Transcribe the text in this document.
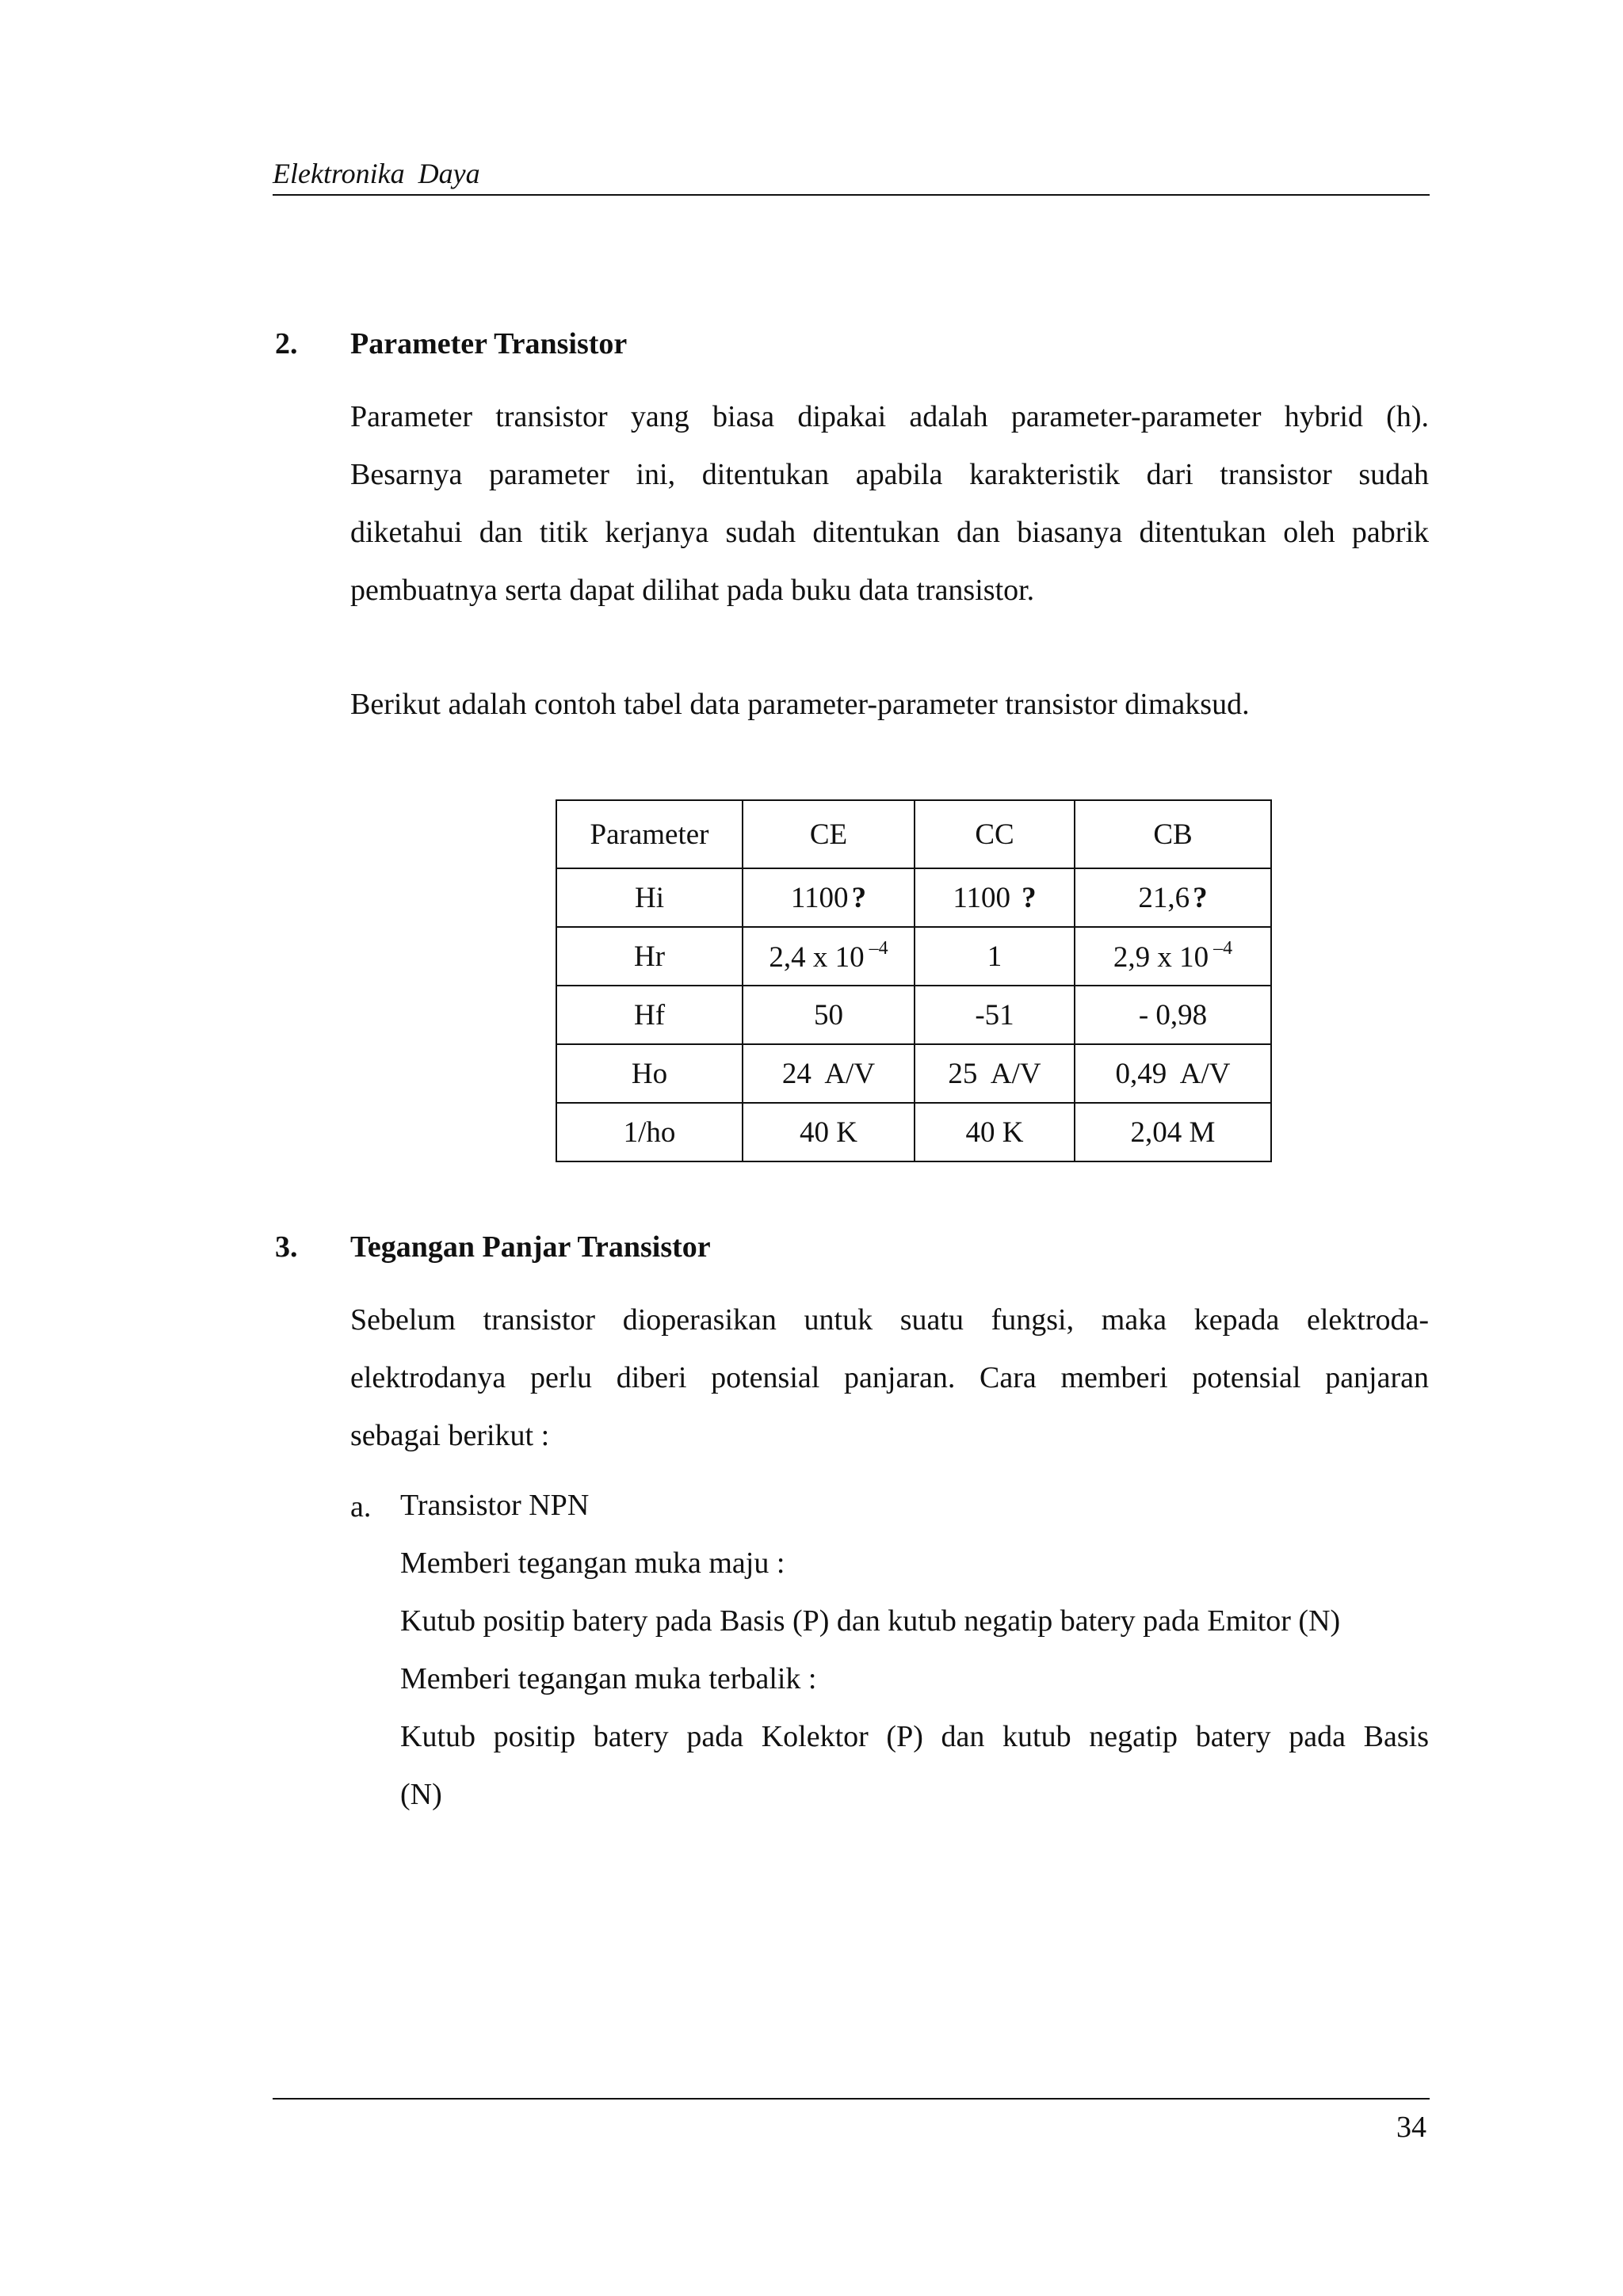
Elektronika Daya
2. Parameter Transistor
Parameter transistor yang biasa dipakai adalah parameter-parameter hybrid (h).
Besarnya parameter ini, ditentukan apabila karakteristik dari transistor sudah
diketahui dan titik kerjanya sudah ditentukan dan biasanya ditentukan oleh pabrik
pembuatnya serta dapat dilihat pada buku data transistor.
Berikut adalah contoh tabel data parameter-parameter transistor dimaksud.
Parameter	CE	CC	CB
Hi	1100 ?	1100 ?	21,6 ?
Hr	2,4 x 10 $^{-4}$	1	2,9 x 10 $^{-4}$
Hf	50	-51	- 0,98
Ho	24  A/V	25  A/V	0,49  A/V
1/ho	40 K	40 K	2,04 M
3. Tegangan Panjar Transistor
Sebelum transistor dioperasikan untuk suatu fungsi, maka kepada elektroda-
elektrodanya perlu diberi potensial panjaran. Cara memberi potensial panjaran
sebagai berikut :
a. Transistor NPN
Memberi tegangan muka maju :
Kutub positip batery pada Basis (P) dan kutub negatip batery pada Emitor (N)
Memberi tegangan muka terbalik :
Kutub positip batery pada Kolektor (P) dan kutub negatip batery pada Basis
(N)
34
